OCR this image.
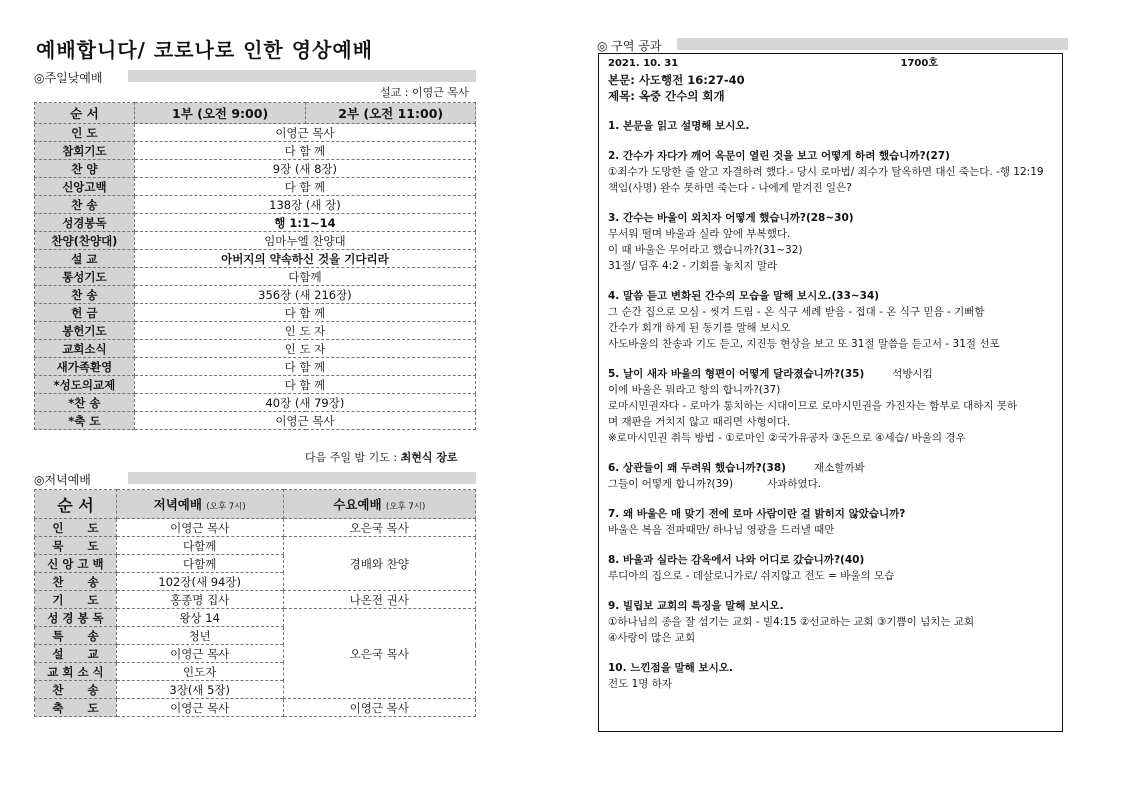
예배합니다/ 코로나로 인한 영상예배
◎주일낮예배
설교 : 이영근 목사
순 서	1부 (오전 9:00)	2부 (오전 11:00)
인 도	이영근 목사	
참회기도	다 함 께	
찬 양	9장 (새 8장)	
신앙고백	다 함 께	
찬 송	138장 (새 장)	
성경봉독	행 1:1~14	
찬양(찬양대)	임마누엘 찬양대	
설 교	아버지의 약속하신 것을 기다리라	
통성기도	다함께	
찬 송	356장 (새 216장)	
헌 금	다 함 께	
봉헌기도	인 도 자	
교회소식	인 도 자	
새가족환영	다 함 께	
*성도의교제	다 함 께	
*찬 송	40장 (새 79장)	
*축 도	이영근 목사	
다음 주일 밤 기도 : 최현식 장로
◎저녁예배
순 서	저녁예배 (오후 7시)	수요예배 (오후 7시)
인      도	이영근 목사	오은국 목사
묵      도	다함께	경배와 찬양
신 앙 고 백	다함께	
찬      송	102장(새 94장)	
기      도	홍종명 집사	나온전 권사
성 경 봉 독	왕상 14	오은국 목사
특      송	청년	
설      교	이영근 목사	
교 회 소 식	인도자	
찬      송	3장(새 5장)	
축      도	이영근 목사	이영근 목사
◎ 구역 공과
2021. 10. 31	1700호
본문: 사도행전 16:27-40
제목: 옥중 간수의 회개
1. 본문을 읽고 설명해 보시오.
2. 간수가 자다가 깨어 옥문이 열린 것을 보고 어떻게 하려 했습니까?(27)
①죄수가 도망한 줄 알고 자결하려 했다.- 당시 로마법/ 죄수가 탈옥하면 대신 죽는다. -행 12:19
책임(사명) 완수 못하면 죽는다 - 나에게 맡겨진 일은?
3. 간수는 바울이 외치자 어떻게 했습니까?(28~30)
무서워 떨며 바울과 실라 앞에 부복했다.
이 때 바울은 무어라고 했습니까?(31~32)
31절/ 딤후 4:2 - 기회를 놓치지 말라
4. 말씀 듣고 변화된 간수의 모습을 말해 보시오.(33~34)
그 순간 집으로 모심 - 씻겨 드림 - 온 식구 세례 받음 - 접대 - 온 식구 믿음 - 기뻐함
간수가 회개 하게 된 동기를 말해 보시오
사도바울의 찬송과 기도 듣고, 지진등 현상을 보고 또 31절 말씀을 듣고서 - 31절 선포
5. 날이 새자 바울의 형편이 어떻게 달라졌습니까?(35)	석방시킴
이에 바울은 뭐라고 항의 합니까?(37)
로마시민권자다 - 로마가 통치하는 시대이므로 로마시민권을 가진자는 함부로 대하지 못하
며 재판을 거치지 않고 때리면 사형이다.
※로마시민권 취득 방법 - ①로마인 ②국가유공자 ③돈으로 ④세습/ 바울의 경우
6. 상관들이 왜 두려워 했습니까?(38)	재소할까봐
그들이 어떻게 합니까?(39)	사과하였다.
7. 왜 바울은 매 맞기 전에 로마 사람이란 걸 밝히지 않았습니까?
바울은 복음 전파때만/ 하나님 영광을 드러낼 때만
8. 바울과 실라는 감옥에서 나와 어디로 갔습니까?(40)
루디아의 집으로 - 데살로니가로/ 쉬지않고 전도 = 바울의 모습
9. 빌립보 교회의 특징을 말해 보시오.
①하나님의 종을 잘 섬기는 교회 - 빌4:15 ②선교하는 교회 ③기쁨이 넘치는 교회
④사랑이 많은 교회
10. 느낀점을 말해 보시오.
전도 1명 하자
